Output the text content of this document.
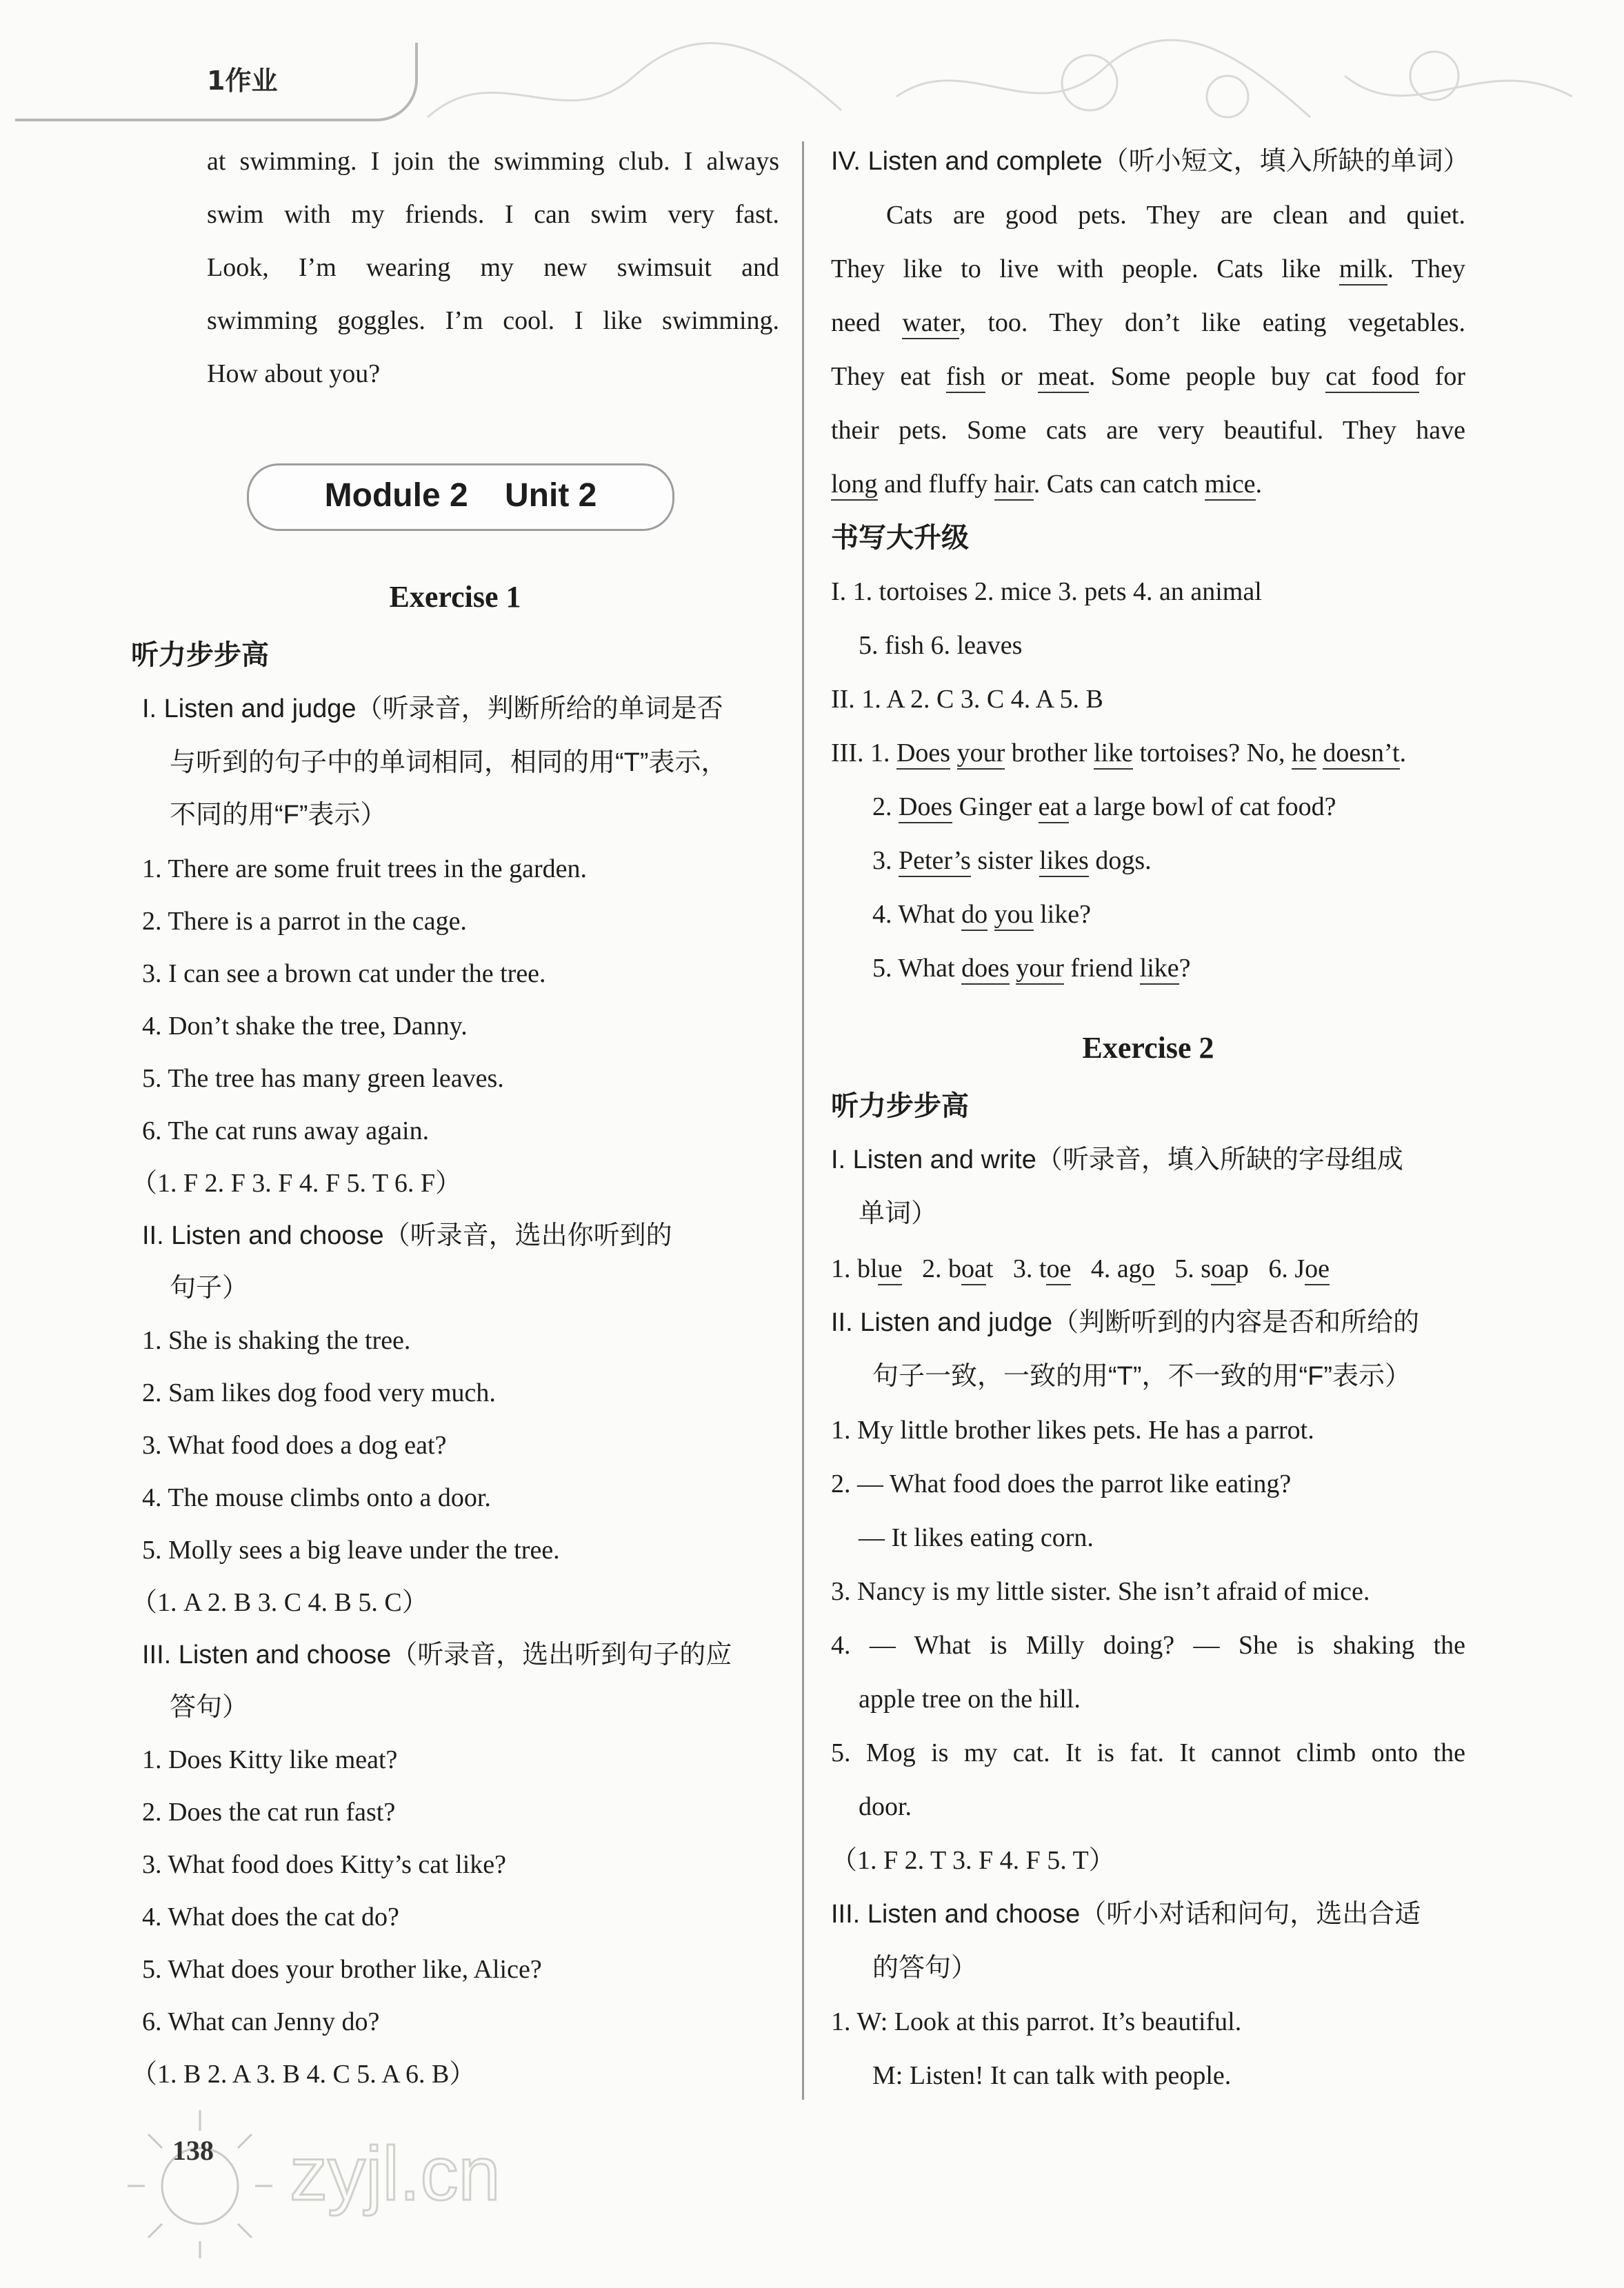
1作业
at swimming. I join the swimming club. I always
swim with my friends. I can swim very fast.
Look, I’m wearing my new swimsuit and
swimming goggles. I’m cool. I like swimming.
How about you?
Exercise 1
听力步步高
I. Listen and judge（听录音，判断所给的单词是否
与听到的句子中的单词相同，相同的用“T”表示，
不同的用“F”表示）
1. There are some fruit trees in the garden.
2. There is a parrot in the cage.
3. I can see a brown cat under the tree.
4. Don’t shake the tree, Danny.
5. The tree has many green leaves.
6. The cat runs away again.
（1. F 2. F 3. F 4. F 5. T 6. F）
II. Listen and choose（听录音，选出你听到的
句子）
1. She is shaking the tree.
2. Sam likes dog food very much.
3. What food does a dog eat?
4. The mouse climbs onto a door.
5. Molly sees a big leave under the tree.
（1. A 2. B 3. C 4. B 5. C）
III. Listen and choose（听录音，选出听到句子的应
答句）
1. Does Kitty like meat?
2. Does the cat run fast?
3. What food does Kitty’s cat like?
4. What does the cat do?
5. What does your brother like, Alice?
6. What can Jenny do?
（1. B 2. A 3. B 4. C 5. A 6. B）
Module 2    Unit 2
IV. Listen and complete（听小短文，填入所缺的单词）
Cats are good pets. They are clean and quiet.
They like to live with people. Cats like milk. They
need water, too. They don’t like eating vegetables.
They eat fish or meat. Some people buy cat food for
their pets. Some cats are very beautiful. They have
long and fluffy hair. Cats can catch mice.
书写大升级
I. 1. tortoises 2. mice 3. pets 4. an animal
5. fish 6. leaves
II. 1. A 2. C 3. C 4. A 5. B
III. 1. Does your brother like tortoises? No, he doesn’t.
2. Does Ginger eat a large bowl of cat food?
3. Peter’s sister likes dogs.
4. What do you like?
5. What does your friend like?
Exercise 2
听力步步高
I. Listen and write（听录音，填入所缺的字母组成
单词）
1. blue   2. boat   3. toe   4. ago   5. soap   6. Joe
II. Listen and judge（判断听到的内容是否和所给的
句子一致，一致的用“T”，不一致的用“F”表示）
1. My little brother likes pets. He has a parrot.
2. — What food does the parrot like eating?
— It likes eating corn.
3. Nancy is my little sister. She isn’t afraid of mice.
4. — What is Milly doing? — She is shaking the
apple tree on the hill.
5. Mog is my cat. It is fat. It cannot climb onto the
door.
（1. F 2. T 3. F 4. F 5. T）
III. Listen and choose（听小对话和问句，选出合适
的答句）
1. W: Look at this parrot. It’s beautiful.
M: Listen! It can talk with people.
zyjl.cn
138
